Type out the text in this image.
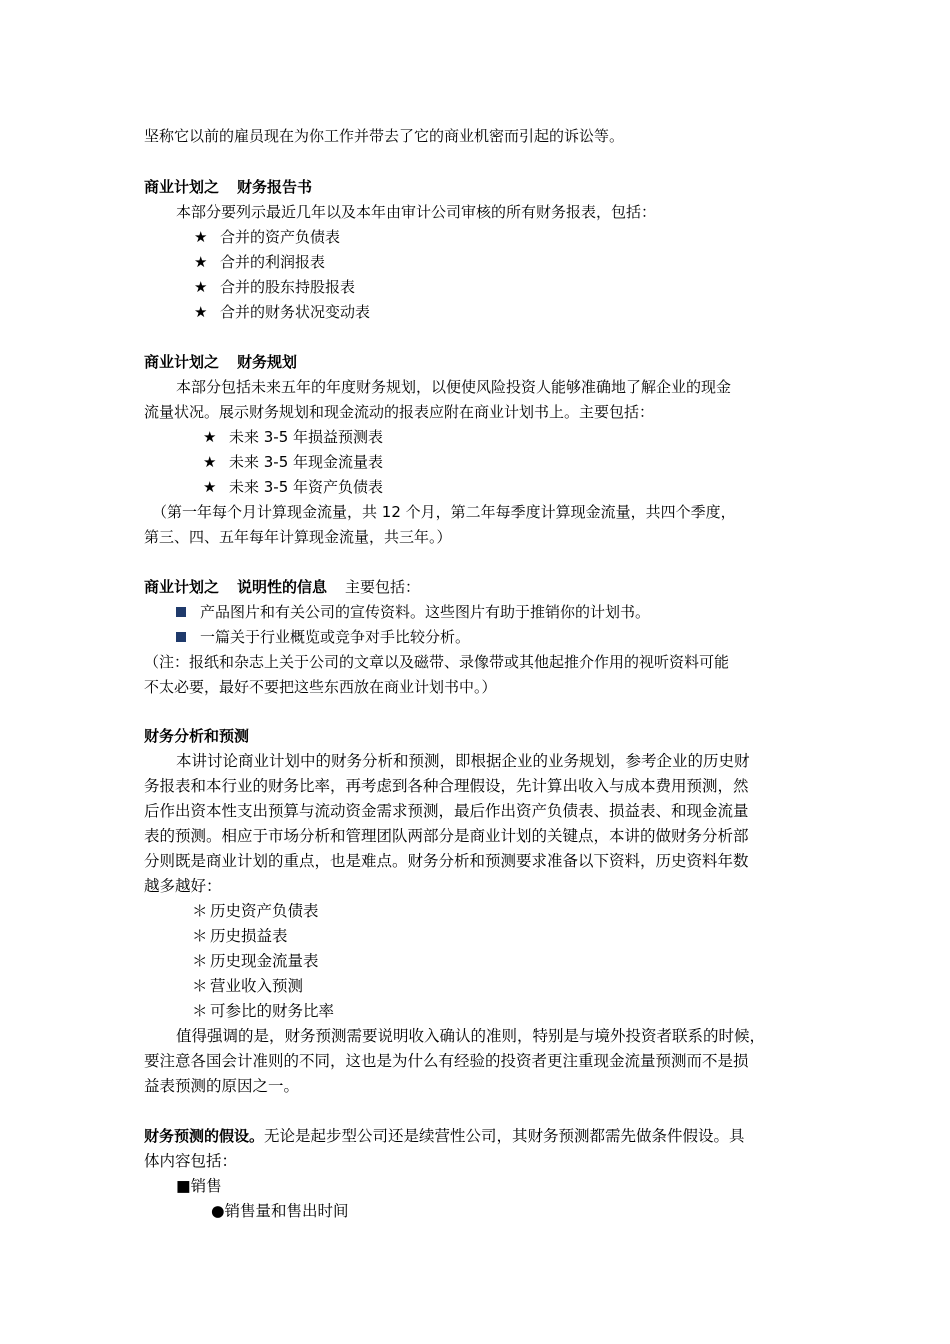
坚称它以前的雇员现在为你工作并带去了它的商业机密而引起的诉讼等。
商业计划之 财务报告书
本部分要列示最近几年以及本年由审计公司审核的所有财务报表，包括：
★ 合并的资产负债表
★ 合并的利润报表
★ 合并的股东持股报表
★ 合并的财务状况变动表
商业计划之 财务规划
本部分包括未来五年的年度财务规划，以便使风险投资人能够准确地了解企业的现金
流量状况。展示财务规划和现金流动的报表应附在商业计划书上。主要包括：
★ 未来 3-5 年损益预测表
★ 未来 3-5 年现金流量表
★ 未来 3-5 年资产负债表
（第一年每个月计算现金流量，共 12 个月，第二年每季度计算现金流量，共四个季度，
第三、四、五年每年计算现金流量，共三年。）
商业计划之 说明性的信息 主要包括：
产品图片和有关公司的宣传资料。这些图片有助于推销你的计划书。
一篇关于行业概览或竞争对手比较分析。
（注：报纸和杂志上关于公司的文章以及磁带、录像带或其他起推介作用的视听资料可能
不太必要，最好不要把这些东西放在商业计划书中。）
财务分析和预测
本讲讨论商业计划中的财务分析和预测，即根据企业的业务规划，参考企业的历史财
务报表和本行业的财务比率，再考虑到各种合理假设，先计算出收入与成本费用预测，然
后作出资本性支出预算与流动资金需求预测，最后作出资产负债表、损益表、和现金流量
表的预测。相应于市场分析和管理团队两部分是商业计划的关键点，本讲的做财务分析部
分则既是商业计划的重点，也是难点。财务分析和预测要求准备以下资料，历史资料年数
越多越好：
＊ 历史资产负债表
＊ 历史损益表
＊ 历史现金流量表
＊ 营业收入预测
＊ 可参比的财务比率
值得强调的是，财务预测需要说明收入确认的准则，特别是与境外投资者联系的时候，
要注意各国会计准则的不同，这也是为什么有经验的投资者更注重现金流量预测而不是损
益表预测的原因之一。
财务预测的假设。无论是起步型公司还是续营性公司，其财务预测都需先做条件假设。具
体内容包括：
■销售
●销售量和售出时间
